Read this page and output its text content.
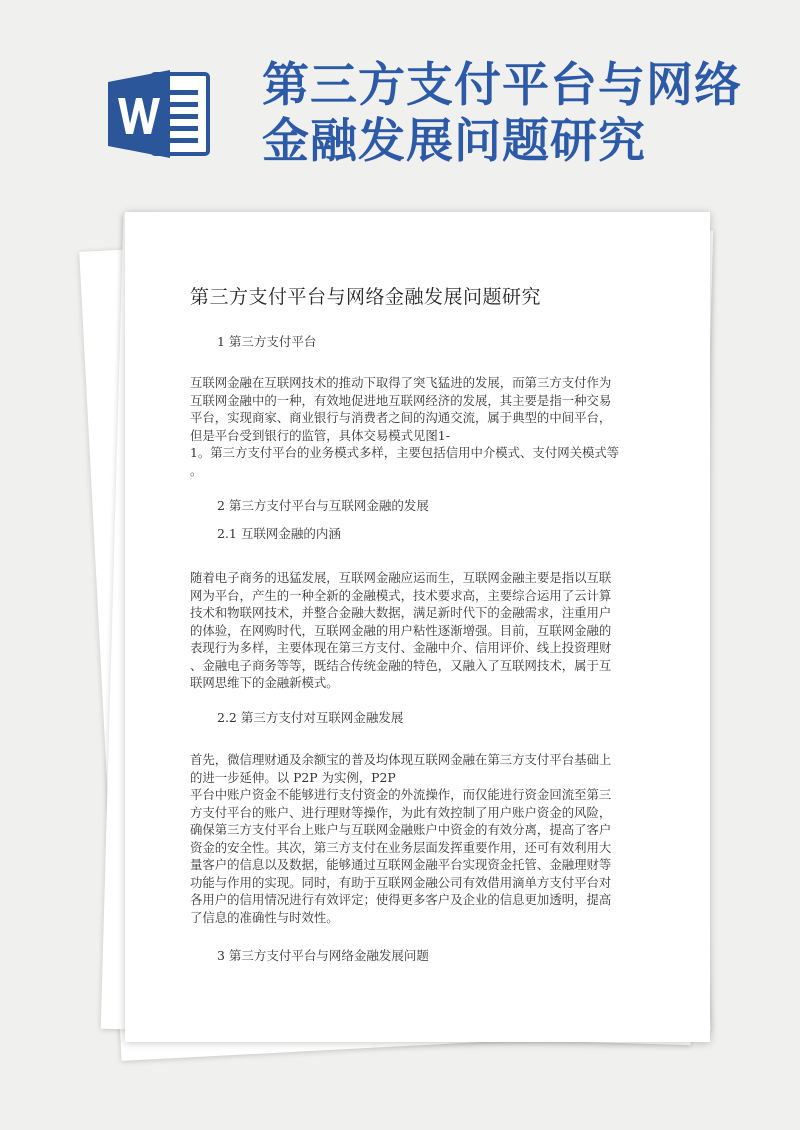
第三方支付平台与网络金融发展问题研究
第三方支付平台与网络金融发展问题研究
1 第三方支付平台
互联网金融在互联网技术的推动下取得了突飞猛进的发展，而第三方支付作为
互联网金融中的一种，有效地促进地互联网经济的发展，其主要是指一种交易
平台，实现商家、商业银行与消费者之间的沟通交流，属于典型的中间平台，
但是平台受到银行的监管，具体交易模式见图1-
1。第三方支付平台的业务模式多样，主要包括信用中介模式、支付网关模式等
。
2 第三方支付平台与互联网金融的发展
2.1 互联网金融的内涵
随着电子商务的迅猛发展，互联网金融应运而生，互联网金融主要是指以互联
网为平台，产生的一种全新的金融模式，技术要求高，主要综合运用了云计算
技术和物联网技术，并整合金融大数据，满足新时代下的金融需求，注重用户
的体验，在网购时代，互联网金融的用户粘性逐渐增强。目前，互联网金融的
表现行为多样，主要体现在第三方支付、金融中介、信用评价、线上投资理财
、金融电子商务等等，既结合传统金融的特色，又融入了互联网技术，属于互
联网思维下的金融新模式。
2.2 第三方支付对互联网金融发展
首先，微信理财通及余额宝的普及均体现互联网金融在第三方支付平台基础上
的进一步延伸。以 P2P 为实例，P2P
平台中账户资金不能够进行支付资金的外流操作，而仅能进行资金回流至第三
方支付平台的账户、进行理财等操作，为此有效控制了用户账户资金的风险，
确保第三方支付平台上账户与互联网金融账户中资金的有效分离，提高了客户
资金的安全性。其次，第三方支付在业务层面发挥重要作用，还可有效利用大
量客户的信息以及数据，能够通过互联网金融平台实现资金托管、金融理财等
功能与作用的实现。同时，有助于互联网金融公司有效借用滴单方支付平台对
各用户的信用情况进行有效评定；使得更多客户及企业的信息更加透明，提高
了信息的准确性与时效性。
3 第三方支付平台与网络金融发展问题
